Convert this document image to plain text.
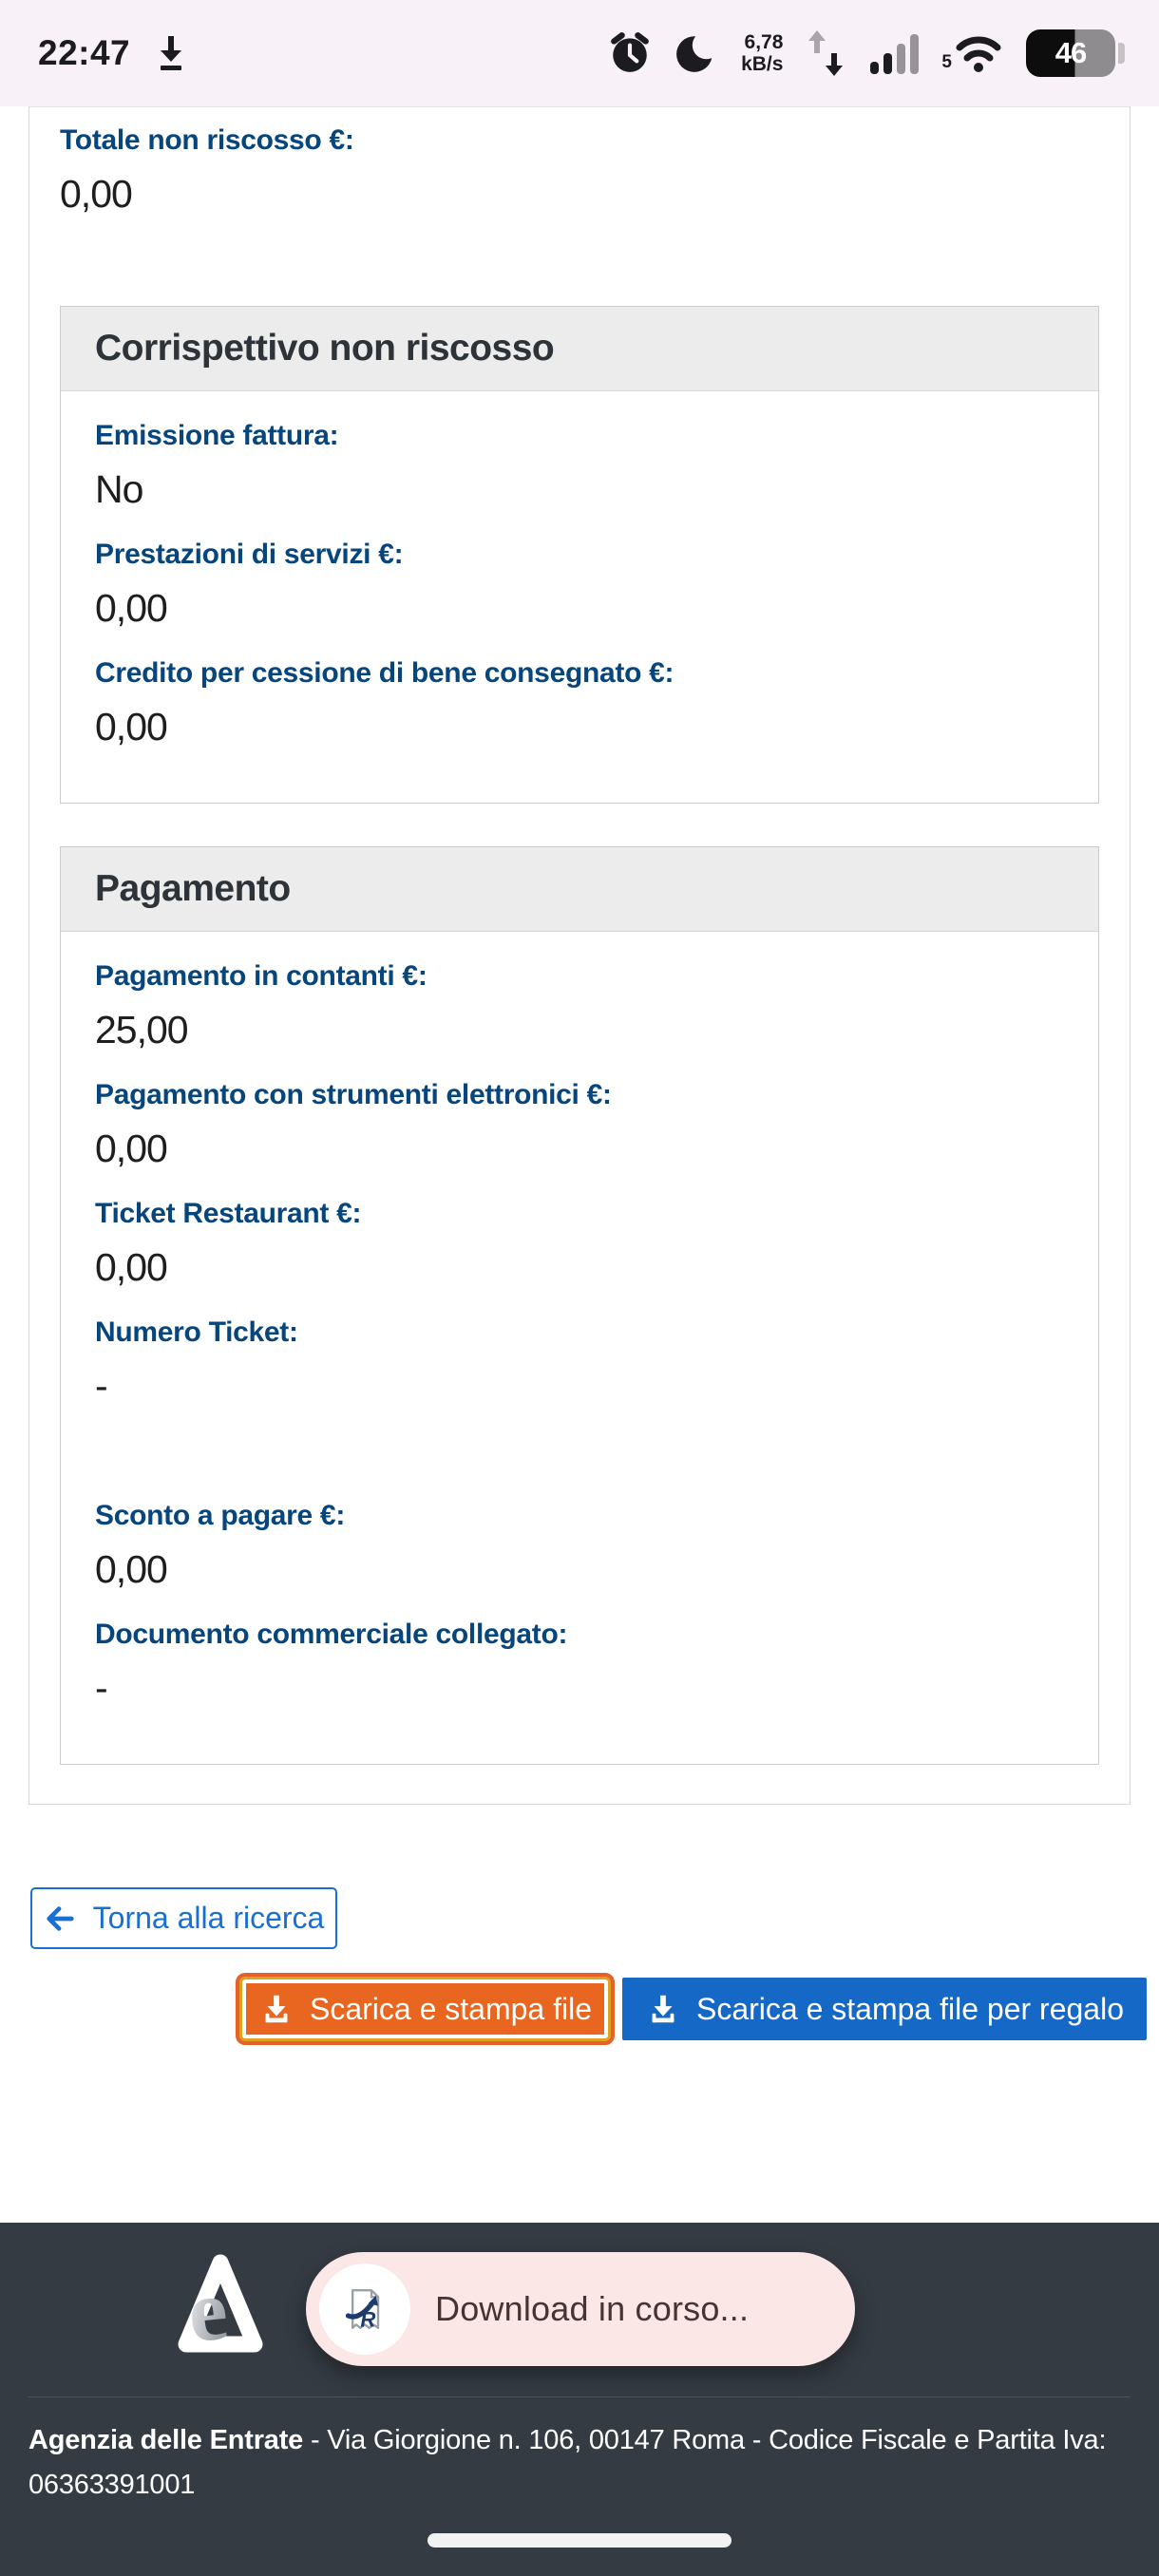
22:47	6,78
kB/s	5	46
Totale non riscosso €:
0,00
Corrispettivo non riscosso
Emissione fattura:
No
Prestazioni di servizi €:
0,00
Credito per cessione di bene consegnato €:
0,00
Pagamento
Pagamento in contanti €:
25,00
Pagamento con strumenti elettronici €:
0,00
Ticket Restaurant €:
0,00
Numero Ticket:
-
Sconto a pagare €:
0,00
Documento commerciale collegato:
-
Torna alla ricerca
Scarica e stampa file	Scarica e stampa file per regalo
e	R Download in corso...
Agenzia delle Entrate - Via Giorgione n. 106, 00147 Roma - Codice Fiscale e Partita Iva:
06363391001
